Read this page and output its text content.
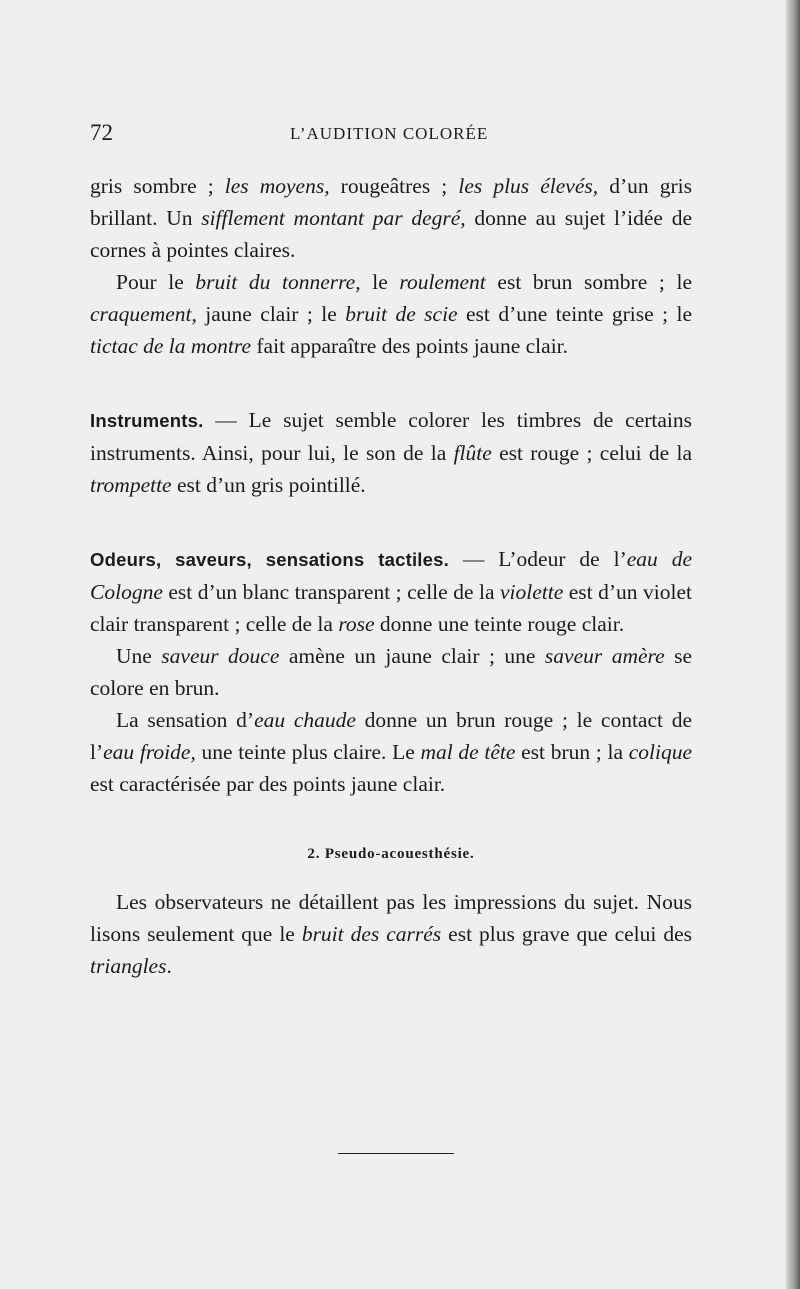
72	L’AUDITION COLORÉE

gris sombre ; les moyens, rougeâtres ; les plus élevés, d’un gris brillant. Un sifflement montant par degré, donne au sujet l’idée de cornes à pointes claires.

Pour le bruit du tonnerre, le roulement est brun sombre ; le craquement, jaune clair ; le bruit de scie est d’une teinte grise ; le tictac de la montre fait apparaître des points jaune clair.

Instruments. — Le sujet semble colorer les timbres de certains instruments. Ainsi, pour lui, le son de la flûte est rouge ; celui de la trompette est d’un gris pointillé.

Odeurs, saveurs, sensations tactiles. — L’odeur de l’eau de Cologne est d’un blanc transparent ; celle de la violette est d’un violet clair transparent ; celle de la rose donne une teinte rouge clair.

Une saveur douce amène un jaune clair ; une saveur amère se colore en brun.

La sensation d’eau chaude donne un brun rouge ; le contact de l’eau froide, une teinte plus claire. Le mal de tête est brun ; la colique est caractérisée par des points jaune clair.

2. Pseudo-acouesthésie.

Les observateurs ne détaillent pas les impressions du sujet. Nous lisons seulement que le bruit des carrés est plus grave que celui des triangles.
